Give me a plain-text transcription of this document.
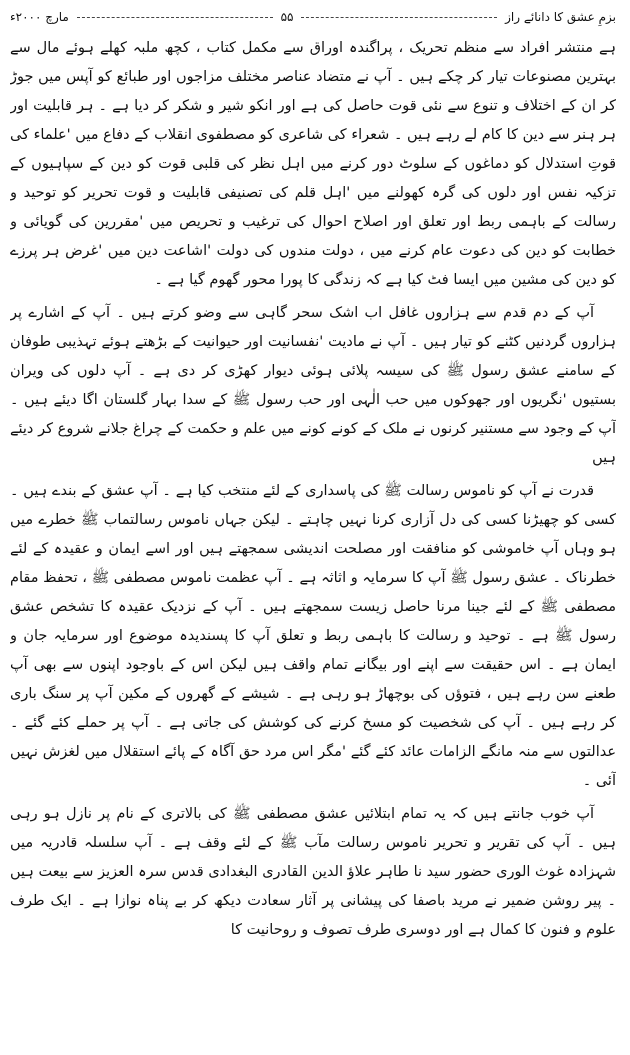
بزمِ عشق کا دانائے راز
۵۵
مارچ ۲۰۰۰ء

ہے منتشر افراد سے منظم تحریک ، پراگندہ اوراق سے مکمل کتاب ، کچھ ملبہ کھلے ہوئے مال سے بہترین مصنوعات تیار کر چکے ہیں ۔ آپ نے متضاد عناصر مختلف مزاجوں اور طبائع کو آپس میں جوڑ کر ان کے اختلاف و تنوع سے نئی قوت حاصل کی ہے اور انکو شیر و شکر کر دیا ہے ۔ ہر قابلیت اور ہر ہنر سے دین کا کام لے رہے ہیں ۔ شعراء کی شاعری کو مصطفوی انقلاب کے دفاع میں 'علماء کی قوتِ استدلال کو دماغوں کے سلوٹ دور کرنے میں اہل نظر کی قلبی قوت کو دین کے سپاہیوں کے تزکیہ نفس اور دلوں کی گرہ کھولنے میں 'اہل قلم کی تصنیفی قابلیت و قوت تحریر کو توحید و رسالت کے باہمی ربط اور تعلق اور اصلاح احوال کی ترغیب و تحریص میں 'مقررین کی گویائی و خطابت کو دین کی دعوت عام کرنے میں ، دولت مندوں کی دولت 'اشاعت دین میں 'غرض ہر پرزے کو دین کی مشین میں ایسا فٹ کیا ہے کہ زندگی کا پورا محور گھوم گیا ہے ۔

آپ کے دم قدم سے ہزاروں غافل اب اشک سحر گاہی سے وضو کرتے ہیں ۔ آپ کے اشارے پر ہزاروں گردنیں کٹنے کو تیار ہیں ۔ آپ نے مادیت 'نفسانیت اور حیوانیت کے بڑھتے ہوئے تہذیبی طوفان کے سامنے عشق رسول ﷺ کی سیسہ پلائی ہوئی دیوار کھڑی کر دی ہے ۔ آپ دلوں کی ویران بستیوں 'نگریوں اور جھوکوں میں حب الٰہی اور حب رسول ﷺ کے سدا بہار گلستان اگا دیئے ہیں ۔ آپ کے وجود سے مستنیر کرنوں نے ملک کے کونے کونے میں علم و حکمت کے چراغ جلانے شروع کر دیئے ہیں

قدرت نے آپ کو ناموس رسالت ﷺ کی پاسداری کے لئے منتخب کیا ہے ۔ آپ عشق کے بندے ہیں ۔ کسی کو چھیڑنا کسی کی دل آزاری کرنا نہیں چاہتے ۔ لیکن جہاں ناموس رسالتماب ﷺ خطرے میں ہو وہاں آپ خاموشی کو منافقت اور مصلحت اندیشی سمجھتے ہیں اور اسے ایمان و عقیدہ کے لئے خطرناک ۔ عشق رسول ﷺ آپ کا سرمایہ و اثاثہ ہے ۔ آپ عظمت ناموس مصطفی ﷺ ، تحفظ مقام مصطفی ﷺ کے لئے جینا مرنا حاصل زیست سمجھتے ہیں ۔ آپ کے نزدیک عقیدہ کا تشخص عشق رسول ﷺ ہے ۔ توحید و رسالت کا باہمی ربط و تعلق آپ کا پسندیدہ موضوع اور سرمایہ جان و ایمان ہے ۔ اس حقیقت سے اپنے اور بیگانے تمام واقف ہیں لیکن اس کے باوجود اپنوں سے بھی آپ طعنے سن رہے ہیں ، فتوؤں کی بوچھاڑ ہو رہی ہے ۔ شیشے کے گھروں کے مکین آپ پر سنگ باری کر رہے ہیں ۔ آپ کی شخصیت کو مسخ کرنے کی کوشش کی جاتی ہے ۔ آپ پر حملے کئے گئے ۔ عدالتوں سے منہ مانگے الزامات عائد کئے گئے 'مگر اس مرد حق آگاہ کے پائے استقلال میں لغزش نہیں آئی ۔

آپ خوب جانتے ہیں کہ یہ تمام ابتلائیں عشق مصطفی ﷺ کی بالاتری کے نام پر نازل ہو رہی ہیں ۔ آپ کی تقریر و تحریر ناموس رسالت مآب ﷺ کے لئے وقف ہے ۔ آپ سلسلہ قادریہ میں شہزادہ غوث الوری حضور سید نا طاہر علاؤ الدین القادری البغدادی قدس سرہ العزیز سے بیعت ہیں ۔ پیر روشن ضمیر نے مرید باصفا کی پیشانی پر آثار سعادت دیکھ کر بے پناہ نوازا ہے ۔ ایک طرف علوم و فنون کا کمال ہے اور دوسری طرف تصوف و روحانیت کا
